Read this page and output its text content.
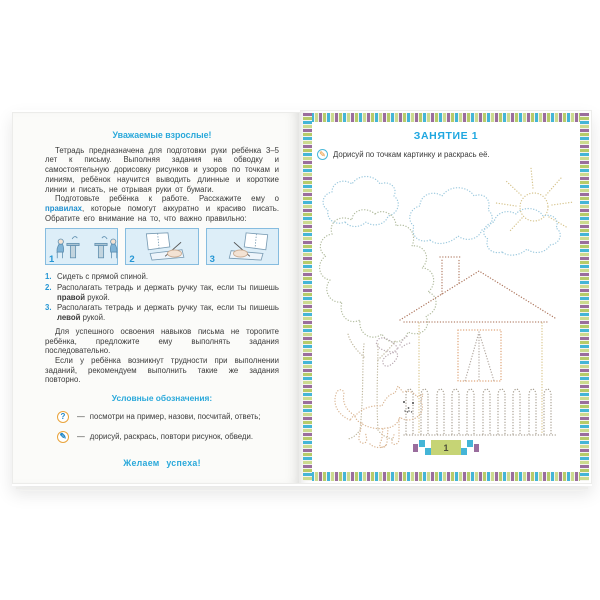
Уважаемые взрослые!

Тетрадь предназначена для подготовки руки ребёнка 3–5 лет к письму. Выполняя задания на обводку и самостоятельную дорисовку рисунков и узоров по точкам и линиям, ребёнок научится выводить длинные и короткие линии и писать, не отрывая руки от бумаги.

Подготовьте ребёнка к работе. Расскажите ему о правилах, которые помогут аккуратно и красиво писать. Обратите его внимание на то, что важно правильно:

1	2	3
1. Сидеть с прямой спиной.
2. Располагать тетрадь и держать ручку так, если ты пишешь правой рукой.
3. Располагать тетрадь и держать ручку так, если ты пишешь левой рукой.

Для успешного освоения навыков письма не торопите ребёнка, предложите ему выполнять задания последовательно.

Если у ребёнка возникнут трудности при выполнении заданий, рекомендуем выполнить такие же задания повторно.

Условные обозначения:
? — посмотри на пример, назови, посчитай, ответь;
✎ — дорисуй, раскрась, повтори рисунок, обведи.
Желаем успеха!
ЗАНЯТИЕ 1
✎ Дорисуй по точкам картинку и раскрась её.
1
